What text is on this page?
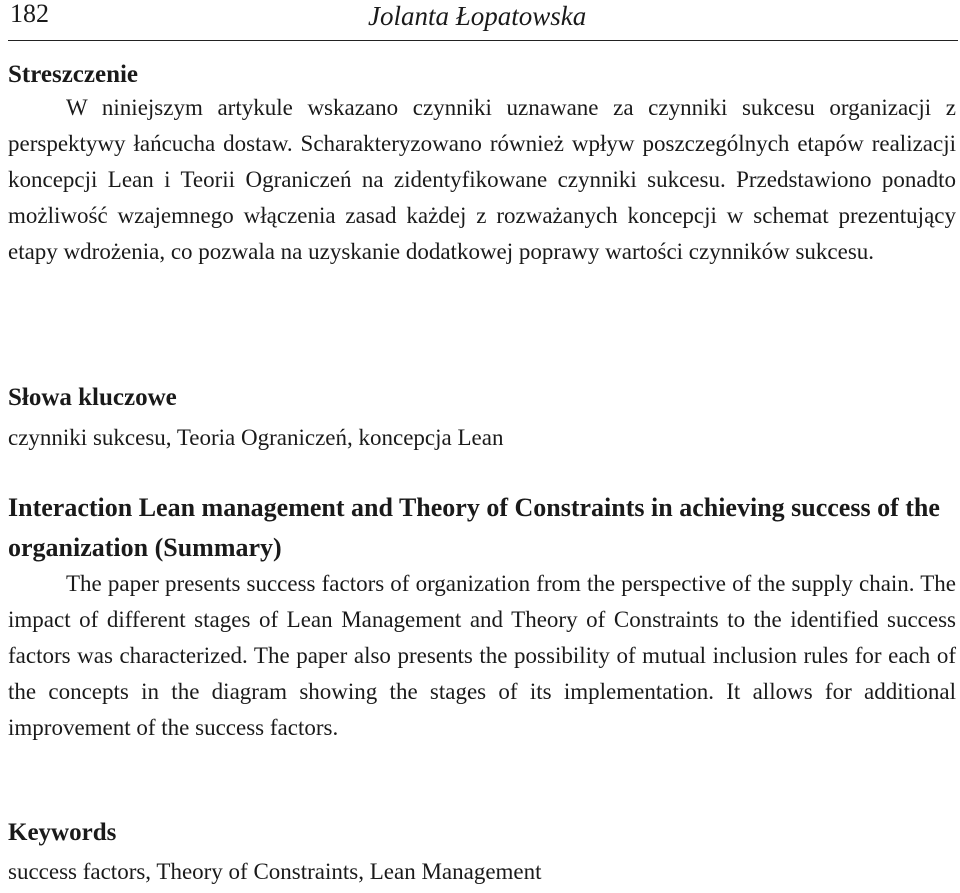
182	Jolanta Łopatowska
Streszczenie

W niniejszym artykule wskazano czynniki uznawane za czynniki sukcesu organizacji z perspektywy łańcucha dostaw. Scharakteryzowano również wpływ poszczególnych etapów realizacji koncepcji Lean i Teorii Ograniczeń na zidentyfikowane czynniki sukcesu. Przedstawiono ponadto możliwość wzajemnego włączenia zasad każdej z rozważanych koncepcji w schemat prezentujący etapy wdrożenia, co pozwala na uzyskanie dodatkowej poprawy wartości czynników sukcesu.

Słowa kluczowe

czynniki sukcesu, Teoria Ograniczeń, koncepcja Lean

Interaction Lean management and Theory of Constraints in achieving success of the organization (Summary)

The paper presents success factors of organization from the perspective of the supply chain. The impact of different stages of Lean Management and Theory of Constraints to the identified success factors was characterized. The paper also presents the possibility of mutual inclusion rules for each of the concepts in the diagram showing the stages of its implementation. It allows for additional improvement of the success factors.

Keywords

success factors, Theory of Constraints, Lean Management
